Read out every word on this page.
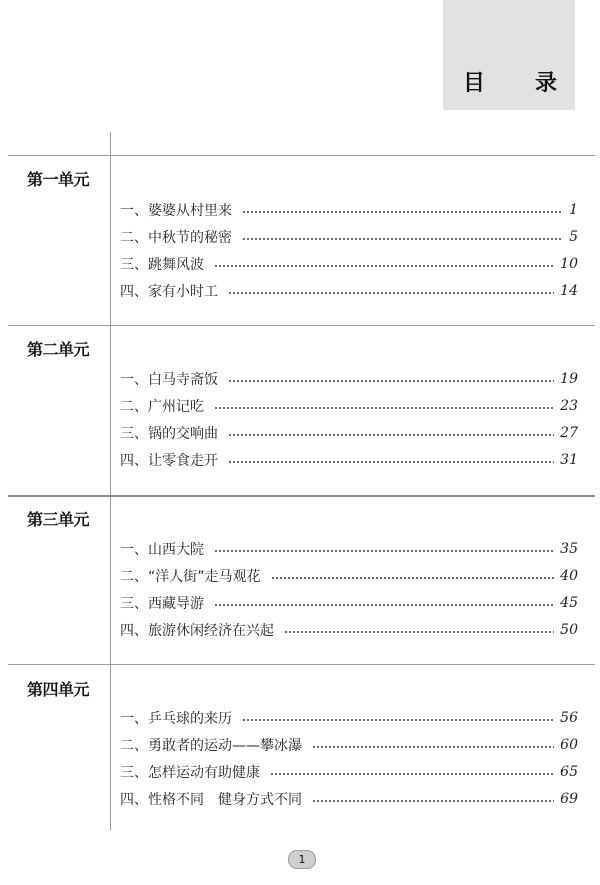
目 录
第一单元
一、婆婆从村里来	1
二、中秋节的秘密	5
三、跳舞风波	10
四、家有小时工	14
第二单元
一、白马寺斋饭	19
二、广州记吃	23
三、锅的交响曲	27
四、让零食走开	31
第三单元
一、山西大院	35
二、“洋人街”走马观花	40
三、西藏导游	45
四、旅游休闲经济在兴起	50
第四单元
一、乒乓球的来历	56
二、勇敢者的运动——攀冰瀑	60
三、怎样运动有助健康	65
四、性格不同　健身方式不同	69
1
